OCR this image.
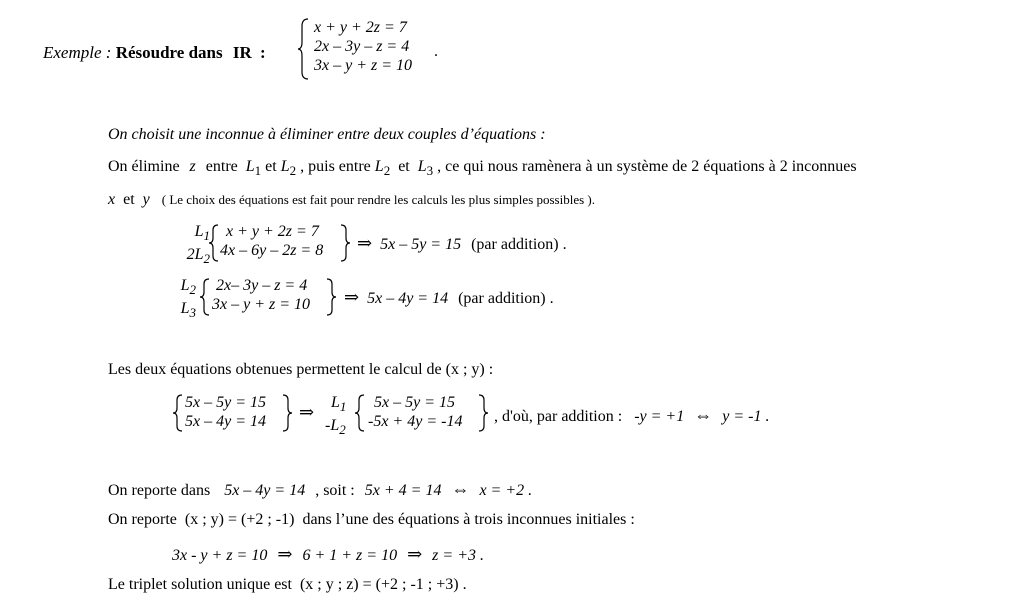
Exemple : Résoudre dans IR :
x + y + 2z = 7
2x – 3y – z = 4
3x – y + z = 10
.
On choisit une inconnue à éliminer entre deux couples d’équations :
On élimine z entre $L_1$ et $L_2$ , puis entre $L_2$ et $L_3$ , ce qui nous ramènera à un système de 2 équations à 2 inconnues
x et y ( Le choix des équations est fait pour rendre les calculs les plus simples possibles ).
$L_1$
$2L_2$
x + y + 2z = 7
4x – 6y – 2z = 8 ⇒ 5x – 5y = 15 (par addition) .
$L_2$
$L_3$
2x– 3y – z = 4
3x – y + z = 10 ⇒ 5x – 4y = 14 (par addition) .
Les deux équations obtenues permettent le calcul de (x ; y) :
5x – 5y = 15
5x – 4y = 14 ⇒	$L_1$
$-L_2$
5x – 5y = 15
-5x + 4y = -14 , d'où, par addition : -y = +1 ⇔ y = -1 .
On reporte dans 5x – 4y = 14 , soit : 5x + 4 = 14 ⇔ x = +2 .
On reporte  (x ; y) = (+2 ; -1)  dans l’une des équations à trois inconnues initiales :
3x - y + z = 10 ⇒ 6 + 1 + z = 10 ⇒ z = +3 .
Le triplet solution unique est  (x ; y ; z) = (+2 ; -1 ; +3) .
